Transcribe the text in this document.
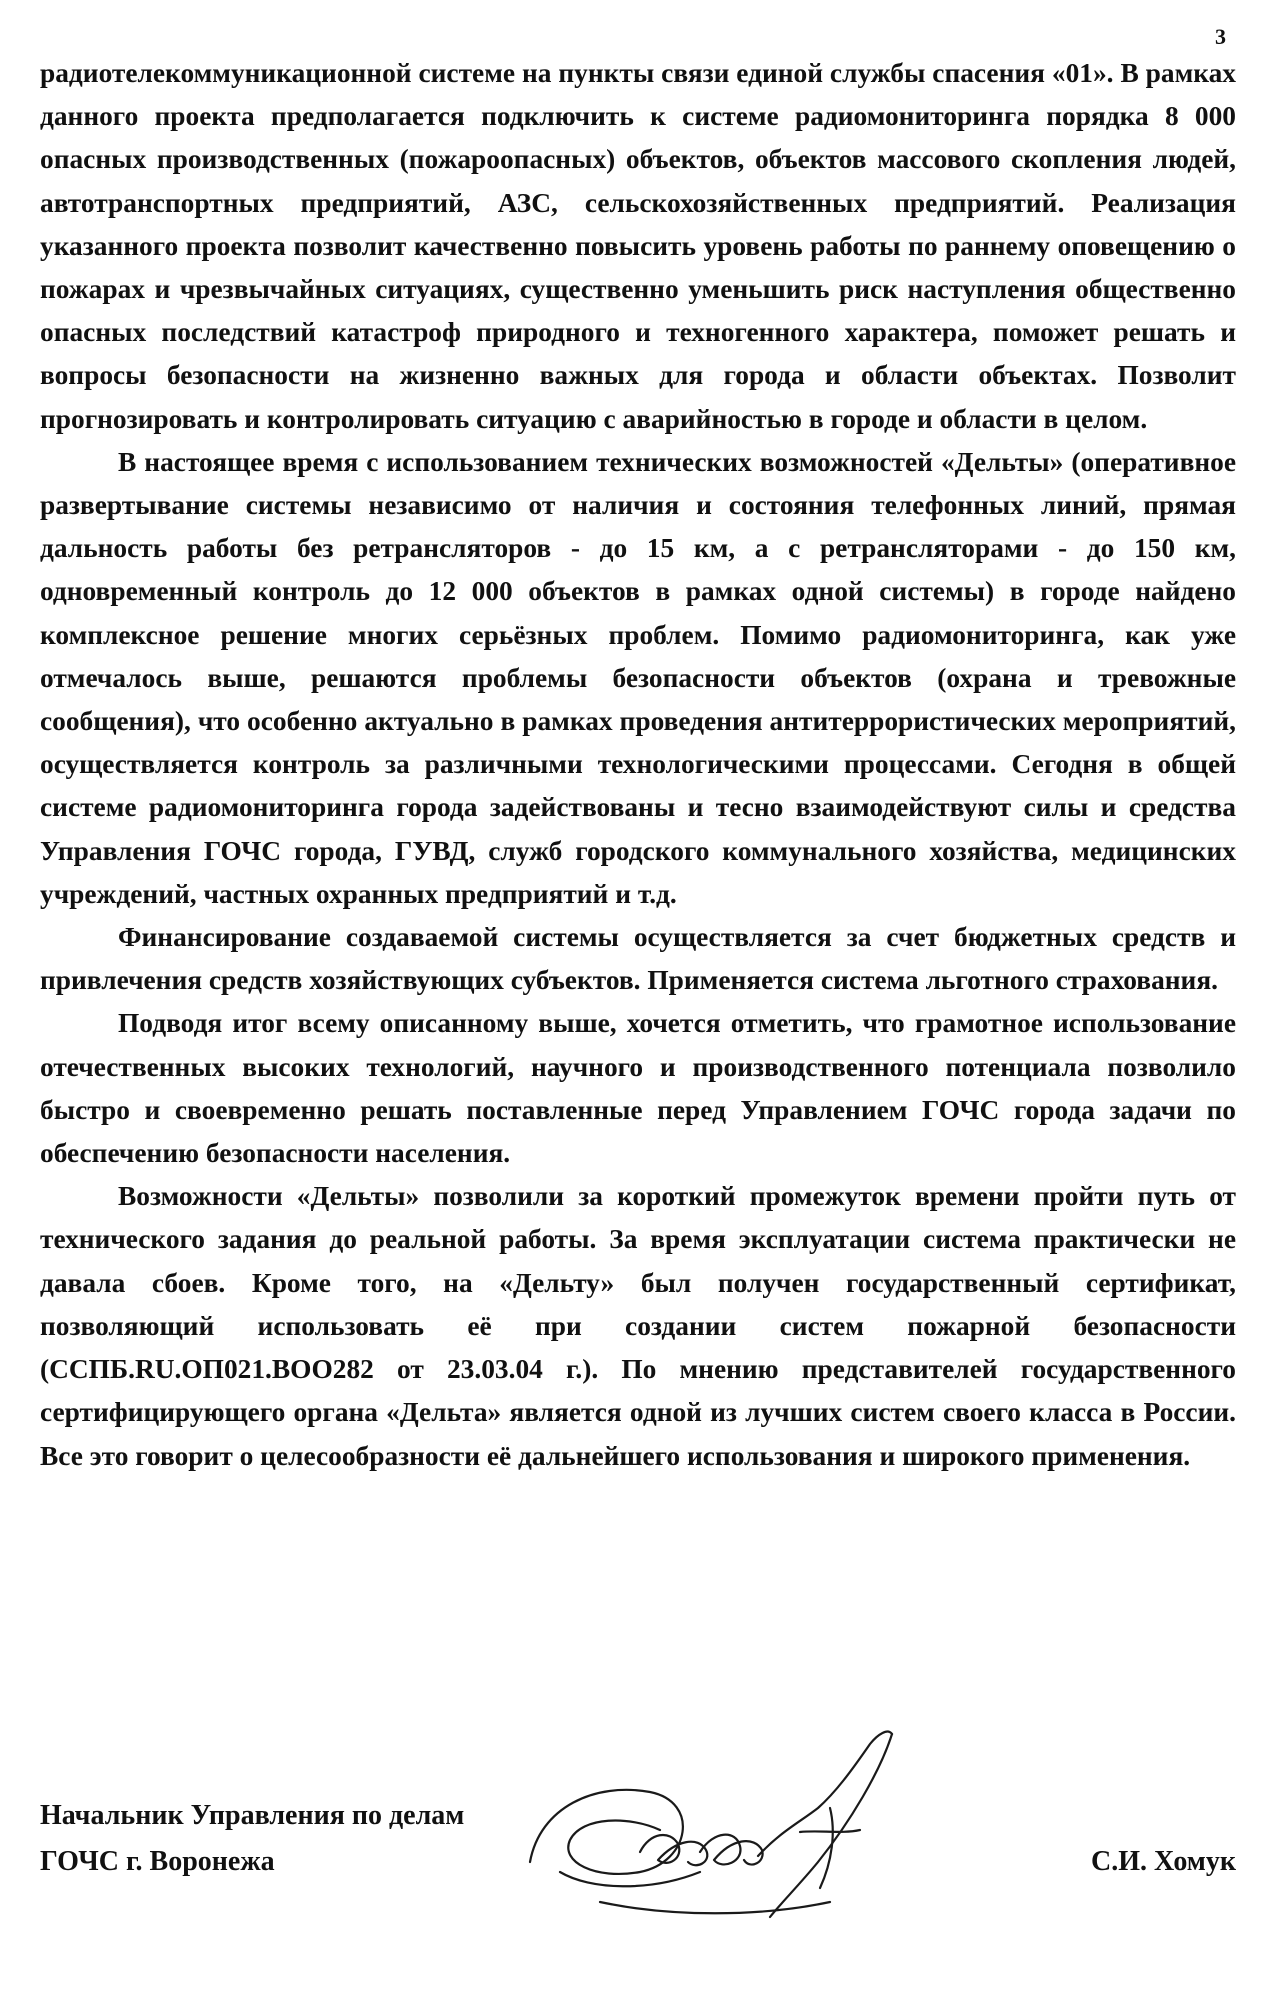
3

радиотелекоммуникационной системе на пункты связи единой службы спасения «01». В рамках данного проекта предполагается подключить к системе радиомониторинга порядка 8 000 опасных производственных (пожароопасных) объектов, объектов массового скопления людей, автотранспортных предприятий, АЗС, сельскохозяйственных предприятий. Реализация указанного проекта позволит качественно повысить уровень работы по раннему оповещению о пожарах и чрезвычайных ситуациях, существенно уменьшить риск наступления общественно опасных последствий катастроф природного и техногенного характера, поможет решать и вопросы безопасности на жизненно важных для города и области объектах. Позволит прогнозировать и контролировать ситуацию с аварийностью в городе и области в целом.

В настоящее время с использованием технических возможностей «Дельты» (оперативное развертывание системы независимо от наличия и состояния телефонных линий, прямая дальность работы без ретрансляторов - до 15 км, а с ретрансляторами - до 150 км, одновременный контроль до 12 000 объектов в рамках одной системы) в городе найдено комплексное решение многих серьёзных проблем. Помимо радиомониторинга, как уже отмечалось выше, решаются проблемы безопасности объектов (охрана и тревожные сообщения), что особенно актуально в рамках проведения антитеррористических мероприятий, осуществляется контроль за различными технологическими процессами. Сегодня в общей системе радиомониторинга города задействованы и тесно взаимодействуют силы и средства Управления ГОЧС города, ГУВД, служб городского коммунального хозяйства, медицинских учреждений, частных охранных предприятий и т.д.

Финансирование создаваемой системы осуществляется за счет бюджетных средств и привлечения средств хозяйствующих субъектов. Применяется система льготного страхования.

Подводя итог всему описанному выше, хочется отметить, что грамотное использование отечественных высоких технологий, научного и производственного потенциала позволило быстро и своевременно решать поставленные перед Управлением ГОЧС города задачи по обеспечению безопасности населения.

Возможности «Дельты» позволили за короткий промежуток времени пройти путь от технического задания до реальной работы. За время эксплуатации система практически не давала сбоев. Кроме того, на «Дельту» был получен государственный сертификат, позволяющий использовать её при создании систем пожарной безопасности (ССПБ.RU.ОП021.ВОО282 от 23.03.04 г.). По мнению представителей государственного сертифицирующего органа «Дельта» является одной из лучших систем своего класса в России. Все это говорит о целесообразности её дальнейшего использования и широкого применения.

Начальник Управления по делам
ГОЧС г. Воронежа	С.И. Хомук
